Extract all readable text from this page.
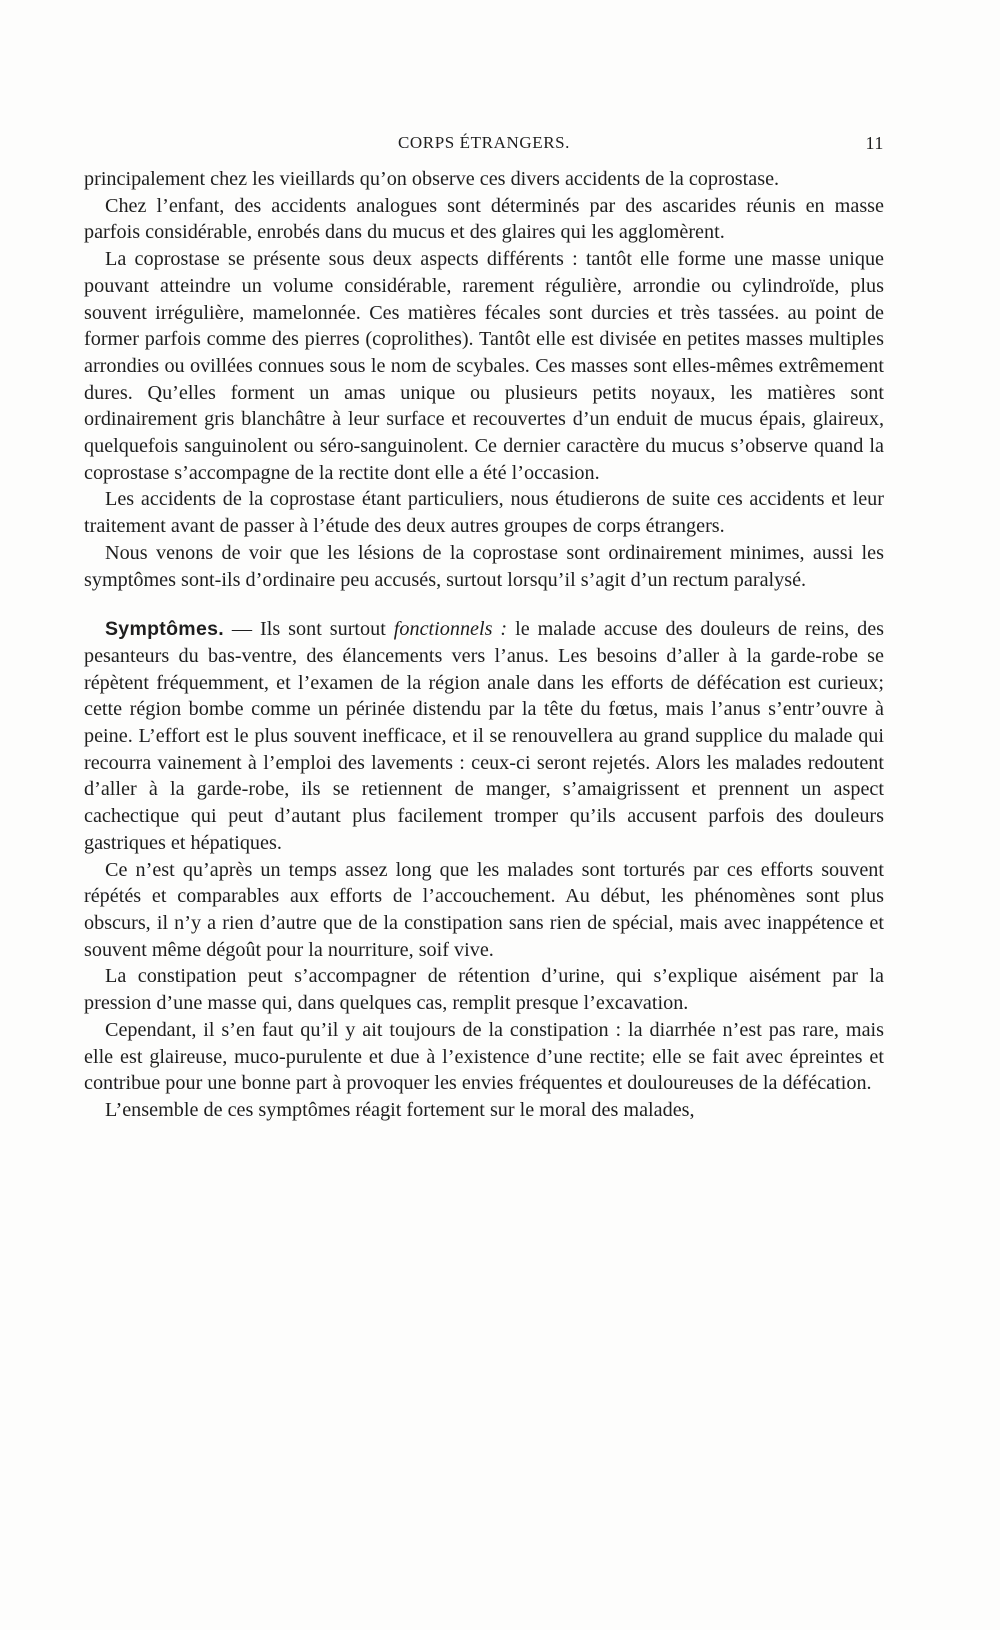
CORPS ÉTRANGERS.	11

principalement chez les vieillards qu’on observe ces divers accidents de la coprostase.

Chez l’enfant, des accidents analogues sont déterminés par des ascarides réunis en masse parfois considérable, enrobés dans du mucus et des glaires qui les agglomèrent.

La coprostase se présente sous deux aspects différents : tantôt elle forme une masse unique pouvant atteindre un volume considérable, rarement régulière, arrondie ou cylindroïde, plus souvent irrégulière, mamelonnée. Ces matières fécales sont durcies et très tassées. au point de former parfois comme des pierres (coprolithes). Tantôt elle est divisée en petites masses multiples arrondies ou ovillées connues sous le nom de scybales. Ces masses sont elles-mêmes extrêmement dures. Qu’elles forment un amas unique ou plusieurs petits noyaux, les matières sont ordinairement gris blanchâtre à leur surface et recouvertes d’un enduit de mucus épais, glaireux, quelquefois sanguinolent ou séro-sanguinolent. Ce dernier caractère du mucus s’observe quand la coprostase s’accompagne de la rectite dont elle a été l’occasion.

Les accidents de la coprostase étant particuliers, nous étudierons de suite ces accidents et leur traitement avant de passer à l’étude des deux autres groupes de corps étrangers.

Nous venons de voir que les lésions de la coprostase sont ordinairement minimes, aussi les symptômes sont-ils d’ordinaire peu accusés, surtout lorsqu’il s’agit d’un rectum paralysé.

Symptômes. — Ils sont surtout fonctionnels : le malade accuse des douleurs de reins, des pesanteurs du bas-ventre, des élancements vers l’anus. Les besoins d’aller à la garde-robe se répètent fréquemment, et l’examen de la région anale dans les efforts de défécation est curieux; cette région bombe comme un périnée distendu par la tête du fœtus, mais l’anus s’entr’ouvre à peine. L’effort est le plus souvent inefficace, et il se renouvellera au grand supplice du malade qui recourra vainement à l’emploi des lavements : ceux-ci seront rejetés. Alors les malades redoutent d’aller à la garde-robe, ils se retiennent de manger, s’amaigrissent et prennent un aspect cachectique qui peut d’autant plus facilement tromper qu’ils accusent parfois des douleurs gastriques et hépatiques.

Ce n’est qu’après un temps assez long que les malades sont torturés par ces efforts souvent répétés et comparables aux efforts de l’accouchement. Au début, les phénomènes sont plus obscurs, il n’y a rien d’autre que de la constipation sans rien de spécial, mais avec inappétence et souvent même dégoût pour la nourriture, soif vive.

La constipation peut s’accompagner de rétention d’urine, qui s’explique aisément par la pression d’une masse qui, dans quelques cas, remplit presque l’excavation.

Cependant, il s’en faut qu’il y ait toujours de la constipation : la diarrhée n’est pas rare, mais elle est glaireuse, muco-purulente et due à l’existence d’une rectite; elle se fait avec épreintes et contribue pour une bonne part à provoquer les envies fréquentes et douloureuses de la défécation.

L’ensemble de ces symptômes réagit fortement sur le moral des malades,
